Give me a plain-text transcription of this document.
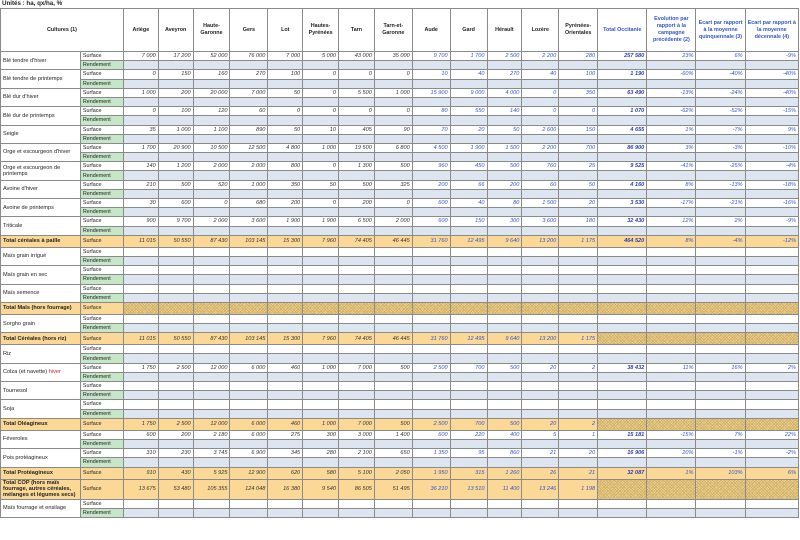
Unités : ha, qx/ha, %
Cultures (1)		Ariège	Aveyron	Haute-Garonne	Gers	Lot	Hautes-Pyrénées	Tarn	Tarn-et-Garonne	Aude	Gard	Hérault	Lozère	Pyrénées-Orientales	Total Occitanie	Evolution par rapport à la campagne précédente (2)	Ecart par rapport à la moyenne quinquennale (3)	Ecart par rapport à la moyenne décennale (4)
Blé tendre d'hiver	Surface	7 000	17 200	52 000	76 000	7 000	5 000	43 000	35 000	9 700	1 700	2 500	2 200	280	257 580	23%	6%	-9%
	Rendement																	
Blé tendre de printemps	Surface	0	150	160	270	100	0	0	0	10	40	270	40	100	1 190	-60%	-40%	-40%
	Rendement																	
Blé dur d'hiver	Surface	1 000	200	20 000	7 000	50	0	5 500	1 000	15 900	9 000	4 000	0	350	63 490	-13%	-24%	-40%
	Rendement																	
Blé dur de printemps	Surface	0	100	120	60	0	0	0	0	80	550	140	0	0	1 070	-62%	-52%	-15%
	Rendement																	
Seigle	Surface	35	1 000	1 100	890	50	10	405	90	70	20	50	2 600	150	4 655	1%	-7%	9%
	Rendement																	
Orge et escourgeon d'hiver	Surface	1 700	20 900	10 500	12 500	4 800	1 000	19 500	6 800	4 500	1 900	1 500	2 200	700	86 900	3%	-3%	-10%
	Rendement																	
Orge et escourgeon de printemps	Surface	140	1 200	2 000	2 000	800	0	1 300	500	960	450	500	760	25	9 525	-41%	-25%	-4%
	Rendement																	
Avoine d'hiver	Surface	210	500	520	1 000	350	50	500	325	200	66	200	60	50	4 160	8%	-13%	-18%
	Rendement																	
Avoine de printemps	Surface	30	600	0	680	200	0	200	0	600	40	80	1 500	20	3 530	-17%	-21%	-16%
	Rendement																	
Triticale	Surface	900	9 700	2 000	3 600	1 900	1 900	6 500	2 000	600	150	300	3 600	180	32 430	12%	2%	-9%
	Rendement																	
Total céréales à paille	Surface	11 015	50 550	87 430	103 145	15 300	7 960	74 405	46 445	31 760	12 495	9 640	13 200	1 175	464 520	8%	-4%	-12%
Maïs grain irrigué	Surface																	
	Rendement																	
Maïs grain en sec	Surface																	
	Rendement																	
Maïs semence	Surface																	
	Rendement																	
Total Maïs (hors fourrage)	Surface																	
Sorgho grain	Surface																	
	Rendement																	
Total Céréales (hors riz)	Surface	11 015	50 550	87 430	103 145	15 300	7 960	74 405	46 445	31 760	12 495	9 640	13 200	1 175				
Riz	Surface																	
	Rendement																	
Colza (et navette) hiver	Surface	1 750	2 500	12 000	6 000	460	1 000	7 000	500	2 500	700	500	20	2	38 432	11%	16%	2%
	Rendement																	
Tournesol	Surface																	
	Rendement																	
Soja	Surface																	
	Rendement																	
Total Oléagineux	Surface	1 750	2 500	12 000	6 000	460	1 000	7 000	500	2 500	700	500	20	2				
Féveroles	Surface	600	200	2 180	6 000	275	300	3 000	1 400	600	220	400	5	1	15 181	-15%	7%	22%
	Rendement																	
Pois protéagineux	Surface	310	230	3 745	6 900	345	280	2 100	650	1 350	95	860	21	20	16 906	20%	-1%	-2%
	Rendement																	
Total Protéagineux	Surface	910	430	5 925	12 900	620	580	5 100	2 050	1 950	315	1 260	26	21	32 087	1%	103%	6%
Total COP (hors maïs fourrage, autres céréales, mélanges et légumes secs)	Surface	13 675	53 480	105 355	124 048	16 380	9 540	86 505	51 495	36 210	13 510	11 400	13 246	1 198				
Maïs fourrage et ensilage	Surface																	
	Rendement																	
